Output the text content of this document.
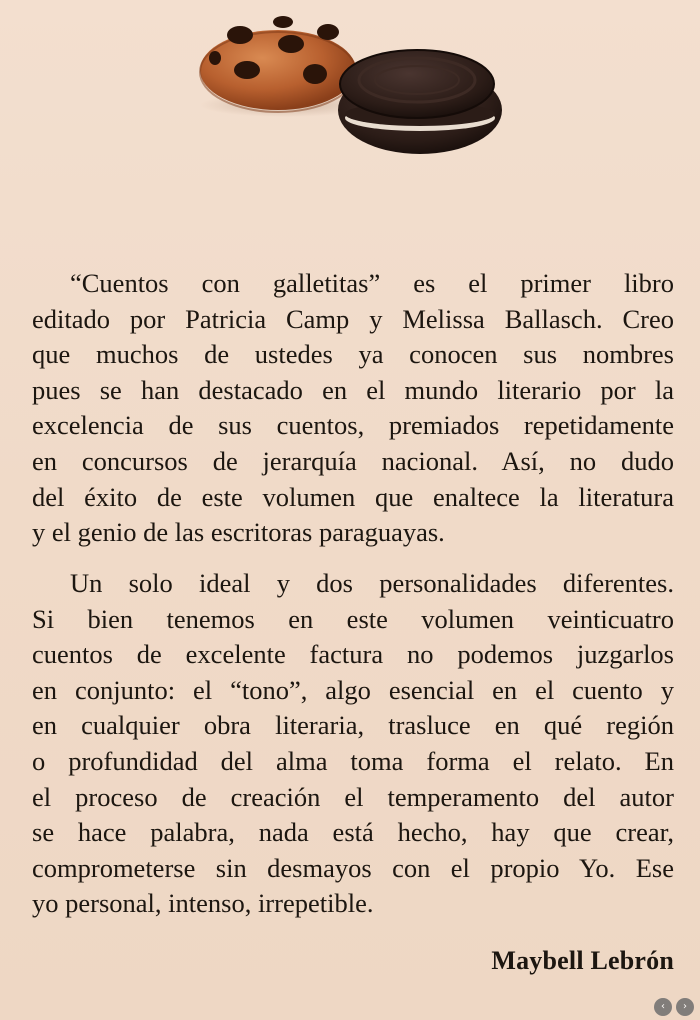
“Cuentos con galletitas” es el primer libro
editado por Patricia Camp y Melissa Ballasch. Creo
que muchos de ustedes ya conocen sus nombres
pues se han destacado en el mundo literario por la
excelencia de sus cuentos, premiados repetidamente
en concursos de jerarquía nacional. Así, no dudo
del éxito de este volumen que enaltece la literatura
y el genio de las escritoras paraguayas.
Un solo ideal y dos personalidades diferentes.
Si bien tenemos en este volumen veinticuatro
cuentos de excelente factura no podemos juzgarlos
en conjunto: el “tono”, algo esencial en el cuento y
en cualquier obra literaria, trasluce en qué región
o profundidad del alma toma forma el relato. En
el proceso de creación el temperamento del autor
se hace palabra, nada está hecho, hay que crear,
comprometerse sin desmayos con el propio Yo. Ese
yo personal, intenso, irrepetible.
Maybell Lebrón
‹	›
